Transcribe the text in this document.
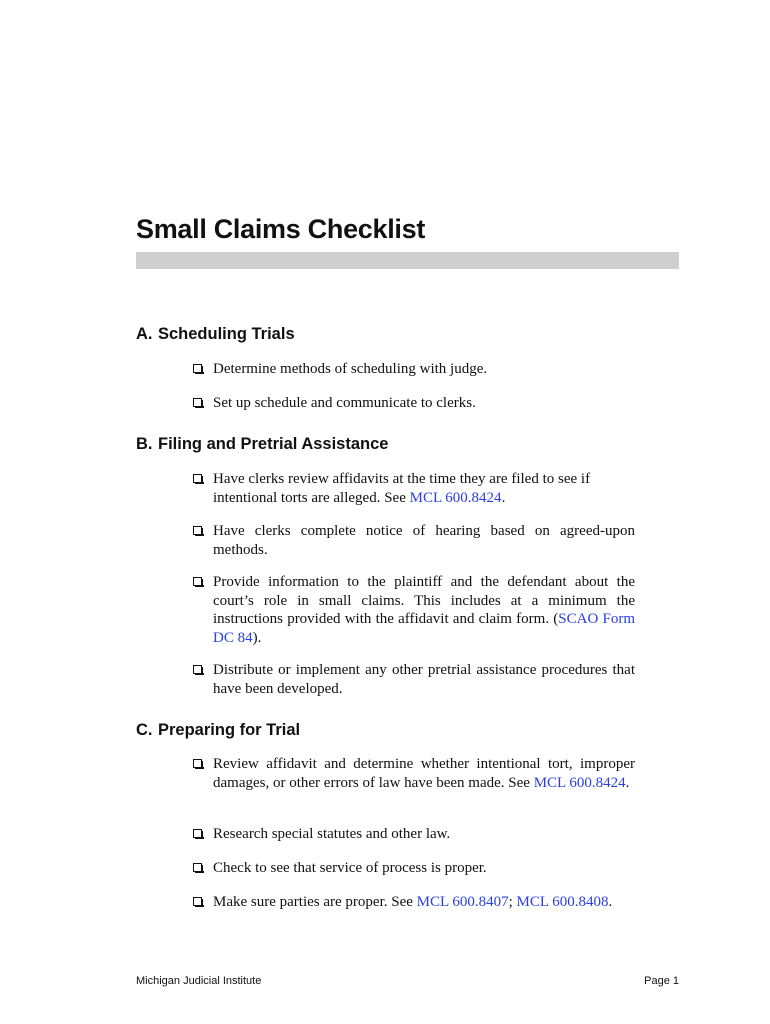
Small Claims Checklist
A. Scheduling Trials
Determine methods of scheduling with judge.
Set up schedule and communicate to clerks.
B. Filing and Pretrial Assistance
Have clerks review affidavits at the time they are filed to see if intentional torts are alleged. See MCL 600.8424.
Have clerks complete notice of hearing based on agreed-upon methods.
Provide information to the plaintiff and the defendant about the court’s role in small claims. This includes at a minimum the instructions provided with the affidavit and claim form. (SCAO Form DC 84).
Distribute or implement any other pretrial assistance procedures that have been developed.
C. Preparing for Trial
Review affidavit and determine whether intentional tort, improper damages, or other errors of law have been made. See MCL 600.8424.
Research special statutes and other law.
Check to see that service of process is proper.
Make sure parties are proper. See MCL 600.8407; MCL 600.8408.
Michigan Judicial Institute	Page 1
